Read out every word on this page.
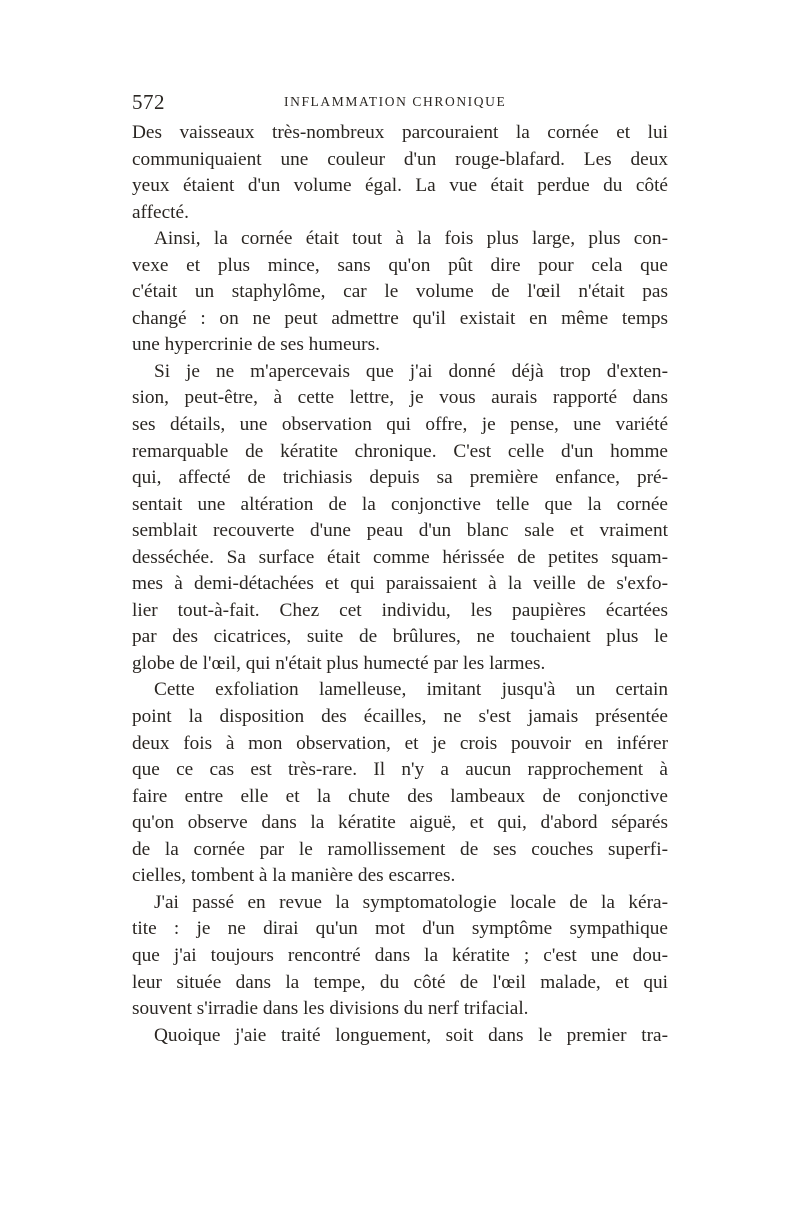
572	INFLAMMATION CHRONIQUE
Des vaisseaux très-nombreux parcouraient la cornée et lui
communiquaient une couleur d'un rouge-blafard. Les deux
yeux étaient d'un volume égal. La vue était perdue du côté
affecté.
Ainsi, la cornée était tout à la fois plus large, plus con-
vexe et plus mince, sans qu'on pût dire pour cela que
c'était un staphylôme, car le volume de l'œil n'était pas
changé : on ne peut admettre qu'il existait en même temps
une hypercrinie de ses humeurs.
Si je ne m'apercevais que j'ai donné déjà trop d'exten-
sion, peut-être, à cette lettre, je vous aurais rapporté dans
ses détails, une observation qui offre, je pense, une variété
remarquable de kératite chronique. C'est celle d'un homme
qui, affecté de trichiasis depuis sa première enfance, pré-
sentait une altération de la conjonctive telle que la cornée
semblait recouverte d'une peau d'un blanc sale et vraiment
desséchée. Sa surface était comme hérissée de petites squam-
mes à demi-détachées et qui paraissaient à la veille de s'exfo-
lier tout-à-fait. Chez cet individu, les paupières écartées
par des cicatrices, suite de brûlures, ne touchaient plus le
globe de l'œil, qui n'était plus humecté par les larmes.
Cette exfoliation lamelleuse, imitant jusqu'à un certain
point la disposition des écailles, ne s'est jamais présentée
deux fois à mon observation, et je crois pouvoir en inférer
que ce cas est très-rare. Il n'y a aucun rapprochement à
faire entre elle et la chute des lambeaux de conjonctive
qu'on observe dans la kératite aiguë, et qui, d'abord séparés
de la cornée par le ramollissement de ses couches superfi-
cielles, tombent à la manière des escarres.
J'ai passé en revue la symptomatologie locale de la kéra-
tite : je ne dirai qu'un mot d'un symptôme sympathique
que j'ai toujours rencontré dans la kératite ; c'est une dou-
leur située dans la tempe, du côté de l'œil malade, et qui
souvent s'irradie dans les divisions du nerf trifacial.
Quoique j'aie traité longuement, soit dans le premier tra-
